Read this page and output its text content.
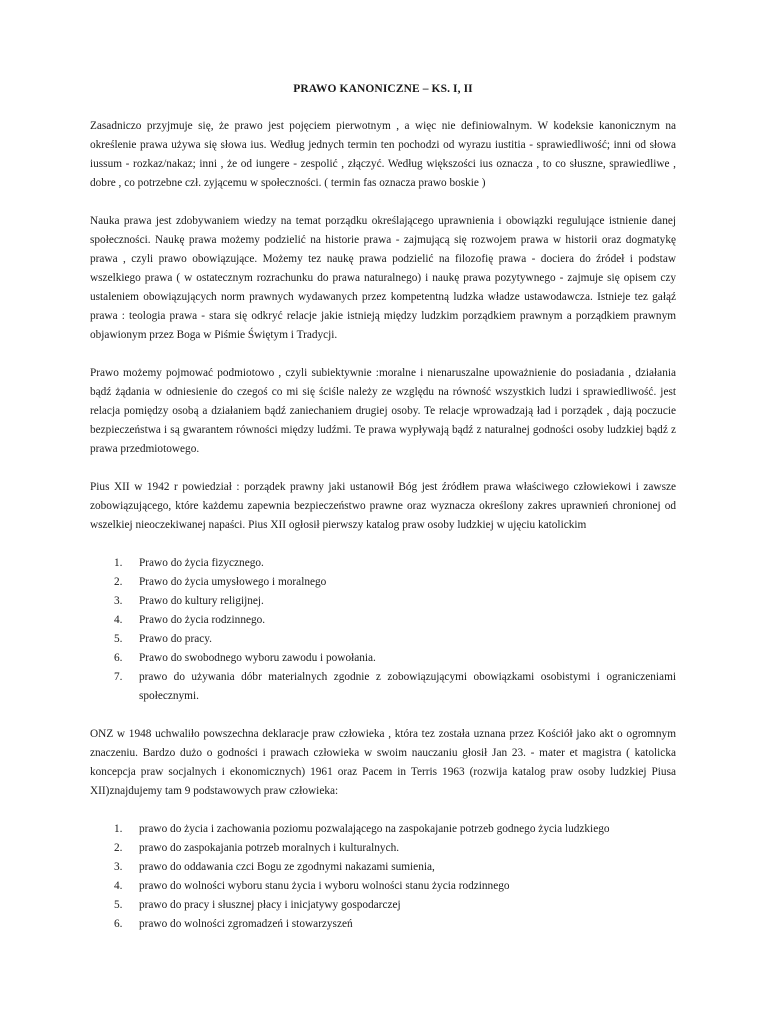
PRAWO KANONICZNE – KS. I, II

Zasadniczo przyjmuje się, że prawo jest pojęciem pierwotnym , a więc nie definiowalnym. W kodeksie kanonicznym na określenie prawa używa się słowa ius. Według jednych termin ten pochodzi od wyrazu iustitia - sprawiedliwość; inni od słowa iussum - rozkaz/nakaz; inni , że od iungere - zespolić , złączyć. Według większości ius oznacza , to co słuszne, sprawiedliwe , dobre , co potrzebne czł. zyjącemu w społeczności. ( termin fas oznacza prawo boskie )

Nauka prawa jest zdobywaniem wiedzy na temat porządku określającego uprawnienia i obowiązki regulujące istnienie danej społeczności. Naukę prawa możemy podzielić na historie prawa - zajmującą się rozwojem prawa w historii oraz dogmatykę prawa , czyli prawo obowiązujące. Możemy tez naukę prawa podzielić na filozofię prawa - dociera do źródeł i podstaw wszelkiego prawa ( w ostatecznym rozrachunku do prawa naturalnego) i naukę prawa pozytywnego - zajmuje się opisem czy ustaleniem obowiązujących norm prawnych wydawanych przez kompetentną ludzka władze ustawodawcza. Istnieje tez gałąź prawa : teologia prawa - stara się odkryć relacje jakie istnieją między ludzkim porządkiem prawnym a porządkiem prawnym objawionym przez Boga w Piśmie Świętym i Tradycji.

Prawo możemy pojmować podmiotowo , czyli subiektywnie :moralne i nienaruszalne upoważnienie do posiadania , działania bądź żądania w odniesienie do czegoś co mi się ściśle należy ze względu na równość wszystkich ludzi i sprawiedliwość. jest relacja pomiędzy osobą a działaniem bądź zaniechaniem drugiej osoby. Te relacje wprowadzają ład i porządek , dają poczucie bezpieczeństwa i są gwarantem równości między ludźmi. Te prawa wypływają bądź z naturalnej godności osoby ludzkiej bądź z prawa przedmiotowego.

Pius XII w 1942 r powiedział : porządek prawny jaki ustanowił Bóg jest źródłem prawa właściwego człowiekowi i zawsze zobowiązującego, które każdemu zapewnia bezpieczeństwo prawne oraz wyznacza określony zakres uprawnień chronionej od wszelkiej nieoczekiwanej napaści. Pius XII ogłosił pierwszy katalog praw osoby ludzkiej w ujęciu katolickim

1. Prawo do życia fizycznego.
2. Prawo do życia umysłowego i moralnego
3. Prawo do kultury religijnej.
4. Prawo do życia rodzinnego.
5. Prawo do pracy.
6. Prawo do swobodnego wyboru zawodu i powołania.
7. prawo do używania dóbr materialnych zgodnie z zobowiązującymi obowiązkami osobistymi i ograniczeniami społecznymi.

ONZ w 1948 uchwaliło powszechna deklaracje praw człowieka , która tez została uznana przez Kościół jako akt o ogromnym znaczeniu. Bardzo dużo o godności i prawach człowieka w swoim nauczaniu głosił Jan 23. - mater et magistra ( katolicka koncepcja praw socjalnych i ekonomicznych) 1961 oraz Pacem in Terris 1963 (rozwija katalog praw osoby ludzkiej Piusa XII)znajdujemy tam 9 podstawowych praw człowieka:

1. prawo do życia i zachowania poziomu pozwalającego na zaspokajanie potrzeb godnego życia ludzkiego
2. prawo do zaspokajania potrzeb moralnych i kulturalnych.
3. prawo do oddawania czci Bogu ze zgodnymi nakazami sumienia,
4. prawo do wolności wyboru stanu życia i wyboru wolności stanu życia rodzinnego
5. prawo do pracy i słusznej płacy i inicjatywy gospodarczej
6. prawo do wolności zgromadzeń i stowarzyszeń
